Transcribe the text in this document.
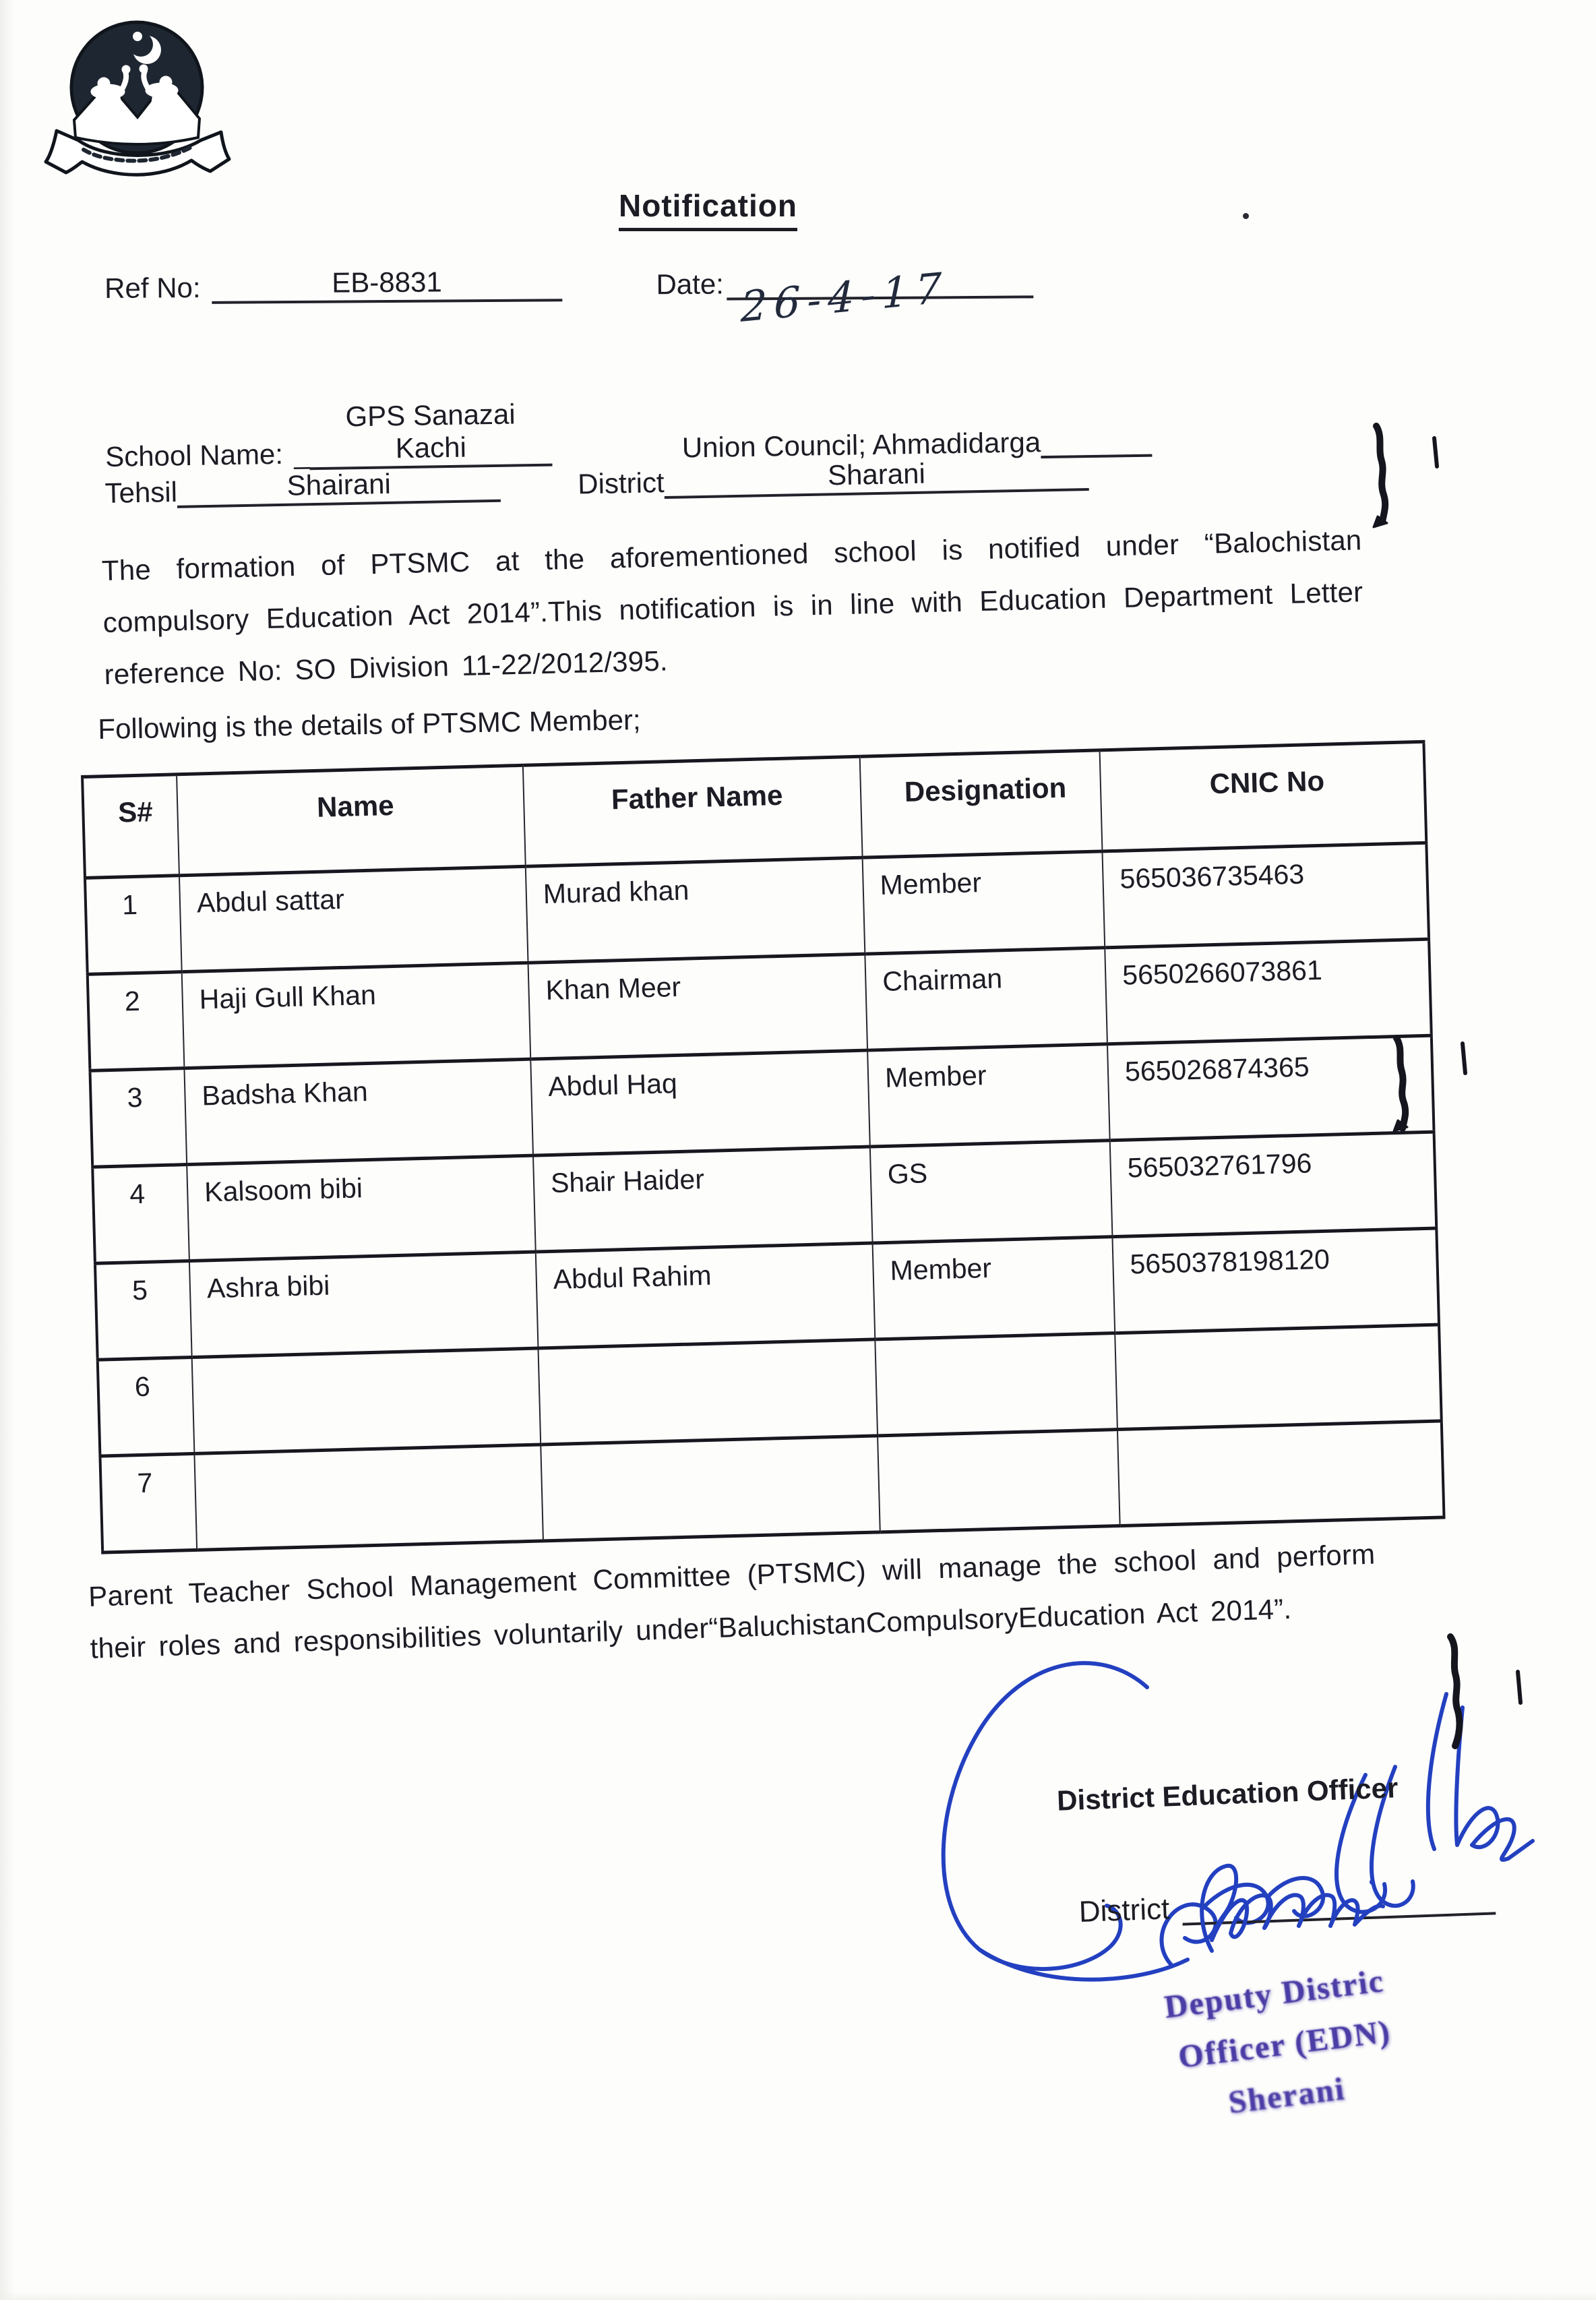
Notification
Ref No:	EB-8831	Date: 26-4-17
School Name:  _GPS Sanazai Kachi	Union Council; Ahmadidarga
Tehsil	Shairani	District	Sharani
The formation of PTSMC at the aforementioned school is notified under “Balochistan compulsory Education Act 2014”.This notification is in line with Education Department Letter reference No: SO Division 11-22/2012/395.
Following is the details of PTSMC Member;
S#	Name	Father Name	Designation	CNIC No
1	Abdul sattar	Murad khan	Member	565036735463
2	Haji Gull Khan	Khan Meer	Chairman	5650266073861
3	Badsha Khan	Abdul Haq	Member	565026874365
4	Kalsoom bibi	Shair Haider	GS	565032761796
5	Ashra bibi	Abdul Rahim	Member	5650378198120
6				
7				
Parent Teacher School Management Committee (PTSMC) will manage the school and perform their roles and responsibilities voluntarily under“BaluchistanCompulsoryEducation Act 2014”.
District Education Officer
District
Deputy Distric
Officer (EDN)
Sherani
